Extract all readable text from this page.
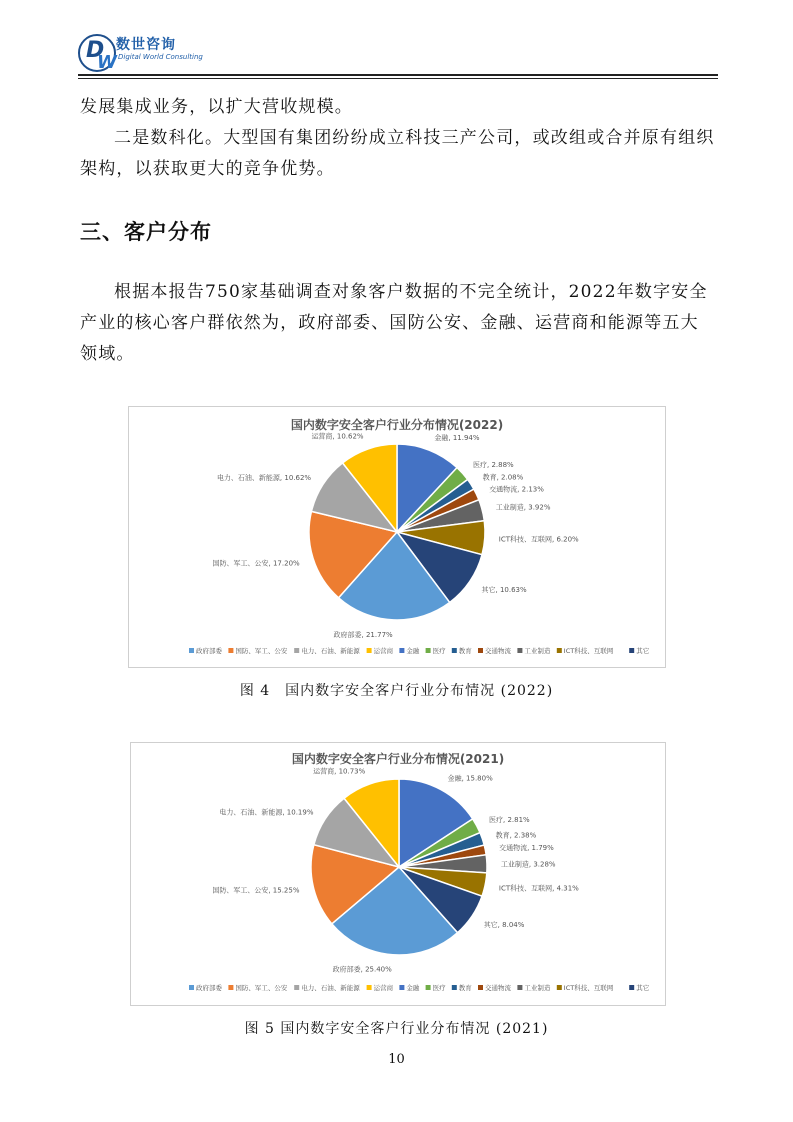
D
W
数世咨询
Digital World Consulting

发展集成业务，以扩大营收规模。

二是数科化。大型国有集团纷纷成立科技三产公司，或改组或合并原有组织架构，以获取更大的竞争优势。

三、客户分布

根据本报告750家基础调查对象客户数据的不完全统计，2022年数字安全产业的核心客户群依然为，政府部委、国防公安、金融、运营商和能源等五大领域。

国内数字安全客户行业分布情况(2022)
金融, 11.94%
医疗, 2.88%
教育, 2.08%
交通物流, 2.13%
工业制造, 3.92%
ICT科技、互联网, 6.20%
其它, 10.63%
政府部委, 21.77%
国防、军工、公安, 17.20%
电力、石油、新能源, 10.62%
运营商, 10.62%
政府部委 国防、军工、公安 电力、石油、新能源 运营商 金融 医疗 教育 交通物流 工业制造 ICT科技、互联网	其它
图 4　国内数字安全客户行业分布情况 (2022)
国内数字安全客户行业分布情况(2021)
金融, 15.80%
医疗, 2.81%
教育, 2.38%
交通物流, 1.79%
工业制造, 3.28%
ICT科技、互联网, 4.31%
其它, 8.04%
政府部委, 25.40%
国防、军工、公安, 15.25%
电力、石油、新能源, 10.19%
运营商, 10.73%
政府部委 国防、军工、公安 电力、石油、新能源 运营商 金融 医疗 教育 交通物流 工业制造 ICT科技、互联网	其它
图 5 国内数字安全客户行业分布情况 (2021)
10
